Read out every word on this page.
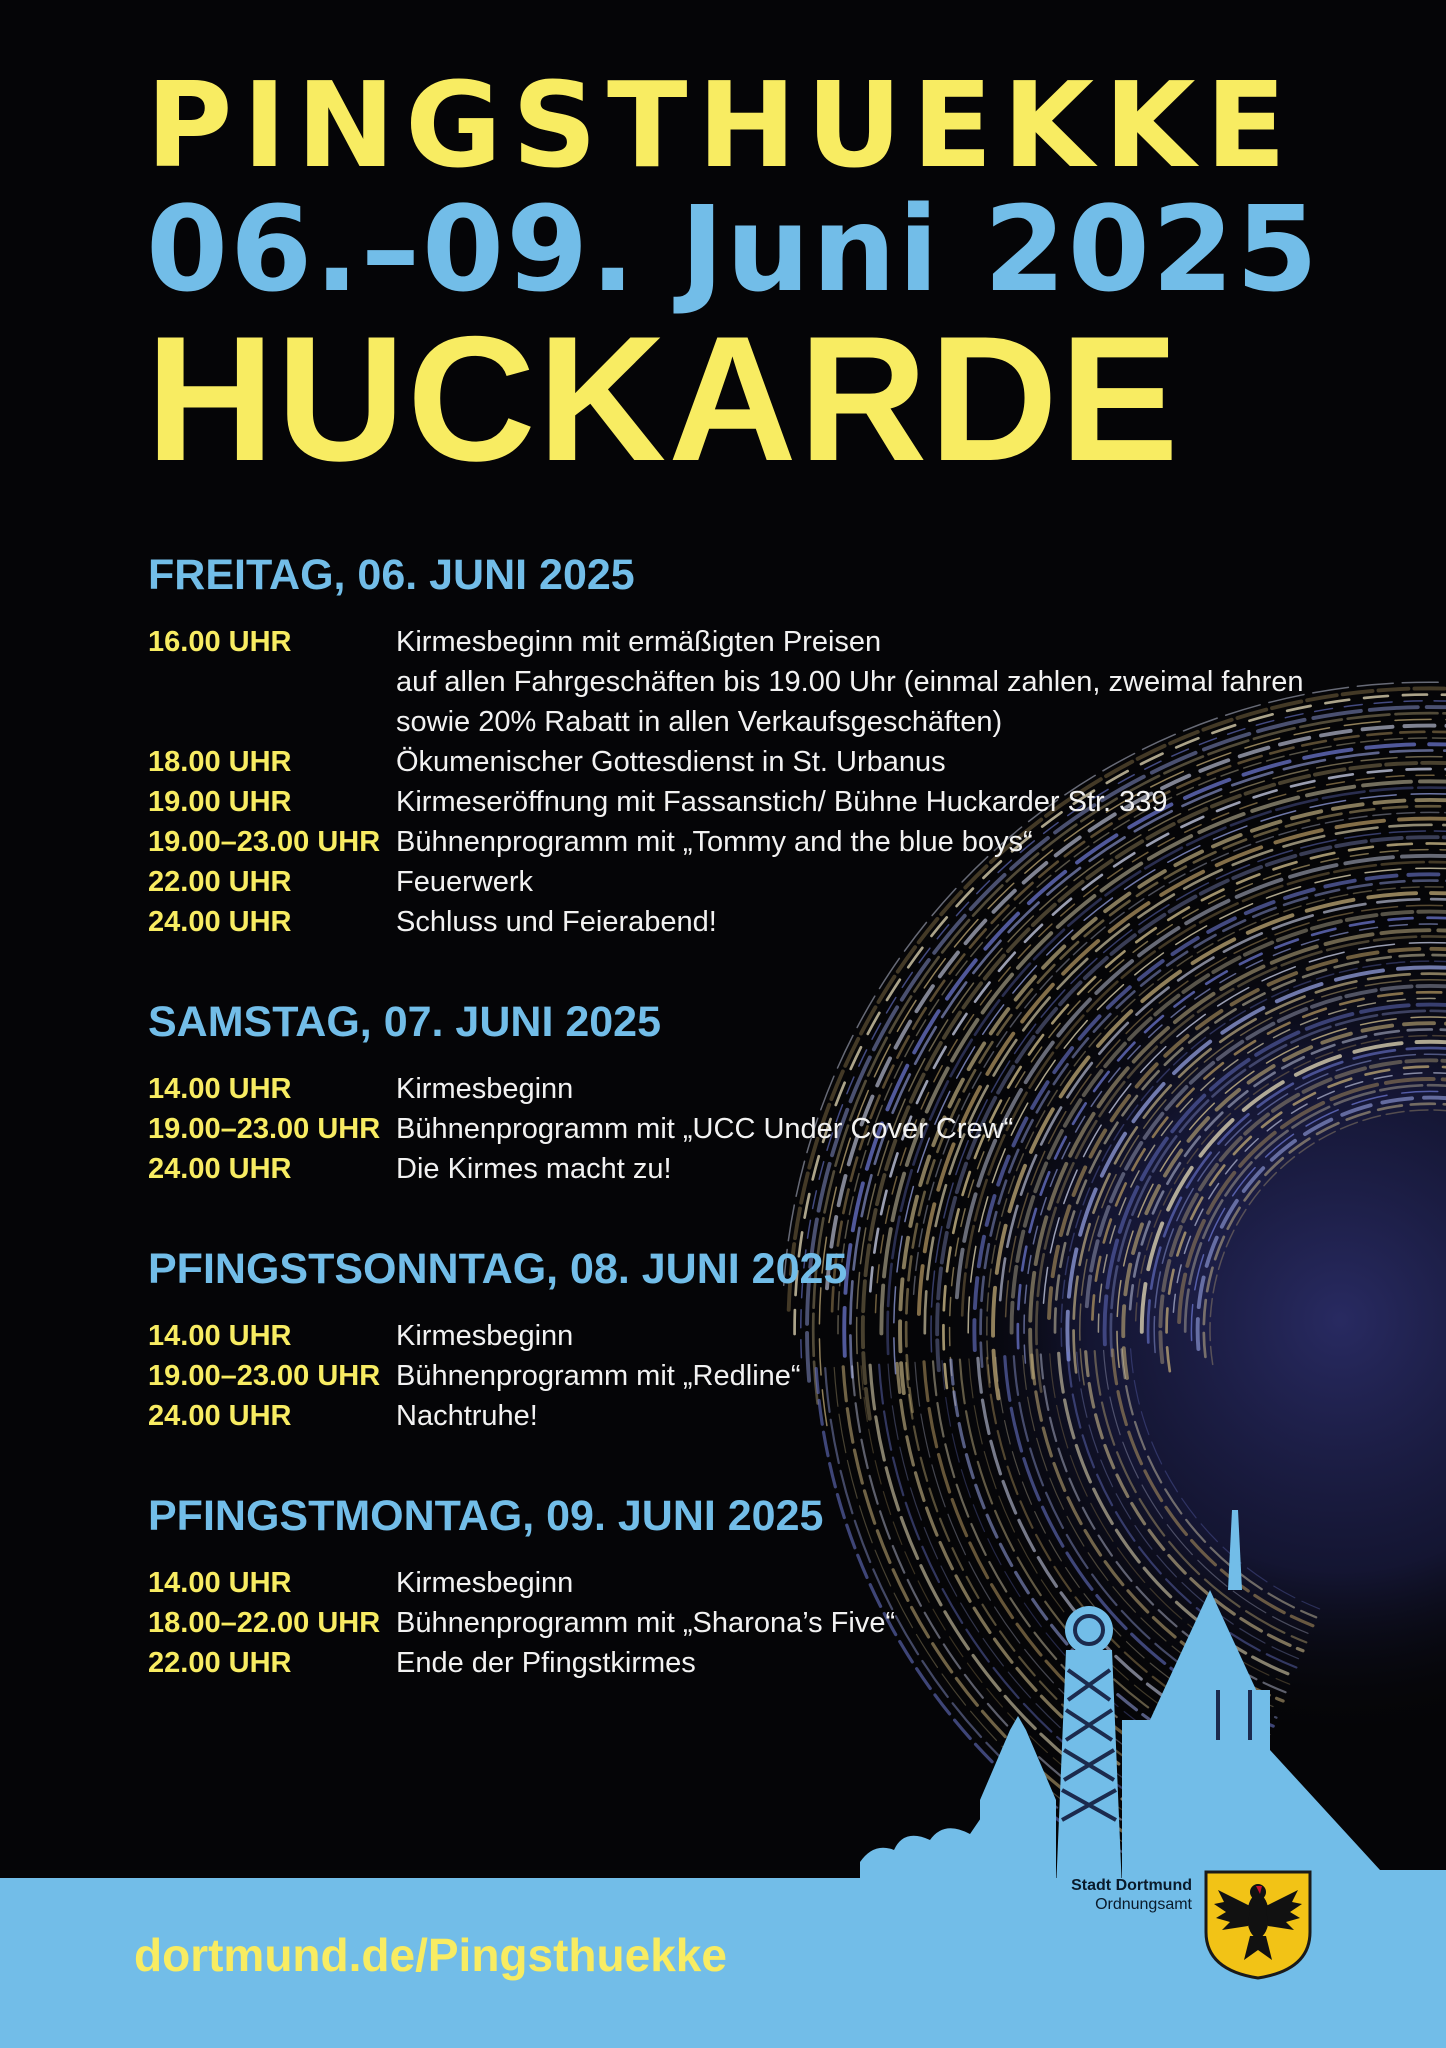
PINGSTHUEKKE
06.–09. Juni 2025
HUCKARDE
FREITAG, 06. JUNI 2025
16.00 UHR	Kirmesbeginn mit ermäßigten Preisen
auf allen Fahrgeschäften bis 19.00 Uhr (einmal zahlen, zweimal fahren
sowie 20% Rabatt in allen Verkaufsgeschäften)
18.00 UHR	Ökumenischer Gottesdienst in St. Urbanus
19.00 UHR	Kirmeseröffnung mit Fassanstich/ Bühne Huckarder Str. 339
19.00–23.00 UHR Bühnenprogramm mit „Tommy and the blue boys“
22.00 UHR	Feuerwerk
24.00 UHR	Schluss und Feierabend!
SAMSTAG, 07. JUNI 2025
14.00 UHR	Kirmesbeginn
19.00–23.00 UHR Bühnenprogramm mit „UCC Under Cover Crew“
24.00 UHR	Die Kirmes macht zu!
PFINGSTSONNTAG, 08. JUNI 2025
14.00 UHR	Kirmesbeginn
19.00–23.00 UHR Bühnenprogramm mit „Redline“
24.00 UHR	Nachtruhe!
PFINGSTMONTAG, 09. JUNI 2025
14.00 UHR	Kirmesbeginn
18.00–22.00 UHR Bühnenprogramm mit „Sharona’s Five“
22.00 UHR	Ende der Pfingstkirmes

dortmund.de/Pingsthuekke

Stadt Dortmund
Ordnungsamt
